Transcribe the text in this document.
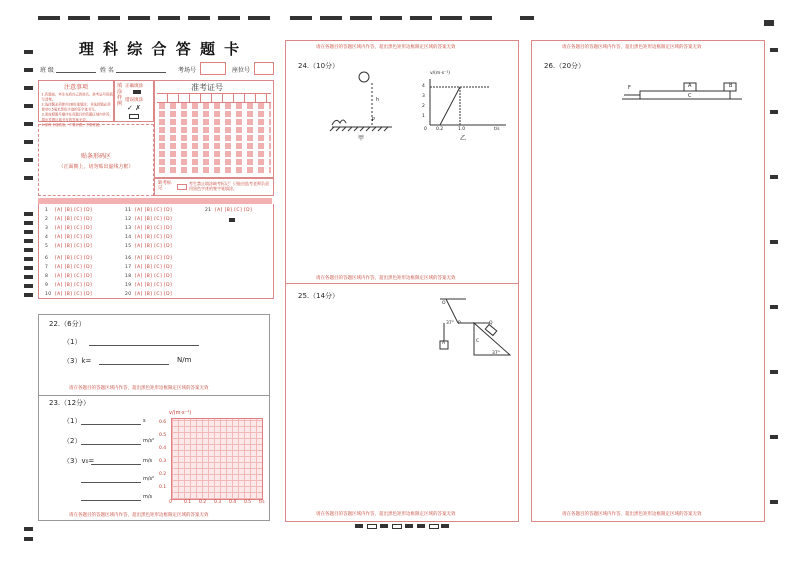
理 科 综 合 答 题 卡
班 级	姓 名	考场号	座位号
注意事项
1.答题前，考生先将自己的姓名、准考证号码填写清楚。
2.选择题必须使用2B铅笔填涂；非选择题必须使用0.5毫米黑色字迹的签字笔书写。
3.请按照题号顺序在各题目的答题区域内作答，超出答题区域书写的答案无效。
4.保持卡面清洁，不要折叠、不要弄破。
填涂样例
正确填涂
错误填涂
✓ ✗
准考证号
贴条形码区
（正面朝上，切勿贴出虚线方框）
缺考标记
考生禁止填涂缺考标记！只能由监考老师负责用黑色字迹的签字笔填涂。
1 [A] [B] [C] [D]
2 [A] [B] [C] [D]
3 [A] [B] [C] [D]
4 [A] [B] [C] [D]
5 [A] [B] [C] [D]
6 [A] [B] [C] [D]
7 [A] [B] [C] [D]
8 [A] [B] [C] [D]
9 [A] [B] [C] [D]
10 [A] [B] [C] [D]
11 [A] [B] [C] [D]
12 [A] [B] [C] [D]
13 [A] [B] [C] [D]
14 [A] [B] [C] [D]
15 [A] [B] [C] [D]
16 [A] [B] [C] [D]
17 [A] [B] [C] [D]
18 [A] [B] [C] [D]
19 [A] [B] [C] [D]
20 [A] [B] [C] [D]
21 [A] [B] [C] [D]
22.（6分）
（1）
（3）k=	N/m
请在各题目的答题区域内作答，超出黑色矩形边框限定区域的答案无效
23.（12分）
（1）	s
（2）	m/s²
（3）v₀=	m/s
m/s²
m/s
v/(m·s⁻¹)
0.6
0.5
0.4
0.3
0.2
0.1
0	0.1 0.2 0.3 0.4 0.5 t/s
请在各题目的答题区域内作答，超出黑色矩形边框限定区域的答案无效
请在各题目的答题区域内作答，超出黑色矩形边框限定区域的答案无效
24.（10分）
h
P
甲
v/(m·s⁻¹)
4
3
2
1
0 0.2	1.0	t/s
乙
请在各题目的答题区域内作答，超出黑色矩形边框限定区域的答案无效
25.（14分）
O
37° P	Q
A	C
37°
请在各题目的答题区域内作答，超出黑色矩形边框限定区域的答案无效
请在各题目的答题区域内作答，超出黑色矩形边框限定区域的答案无效
26.（20分）
F	A	B
C
请在各题目的答题区域内作答，超出黑色矩形边框限定区域的答案无效
